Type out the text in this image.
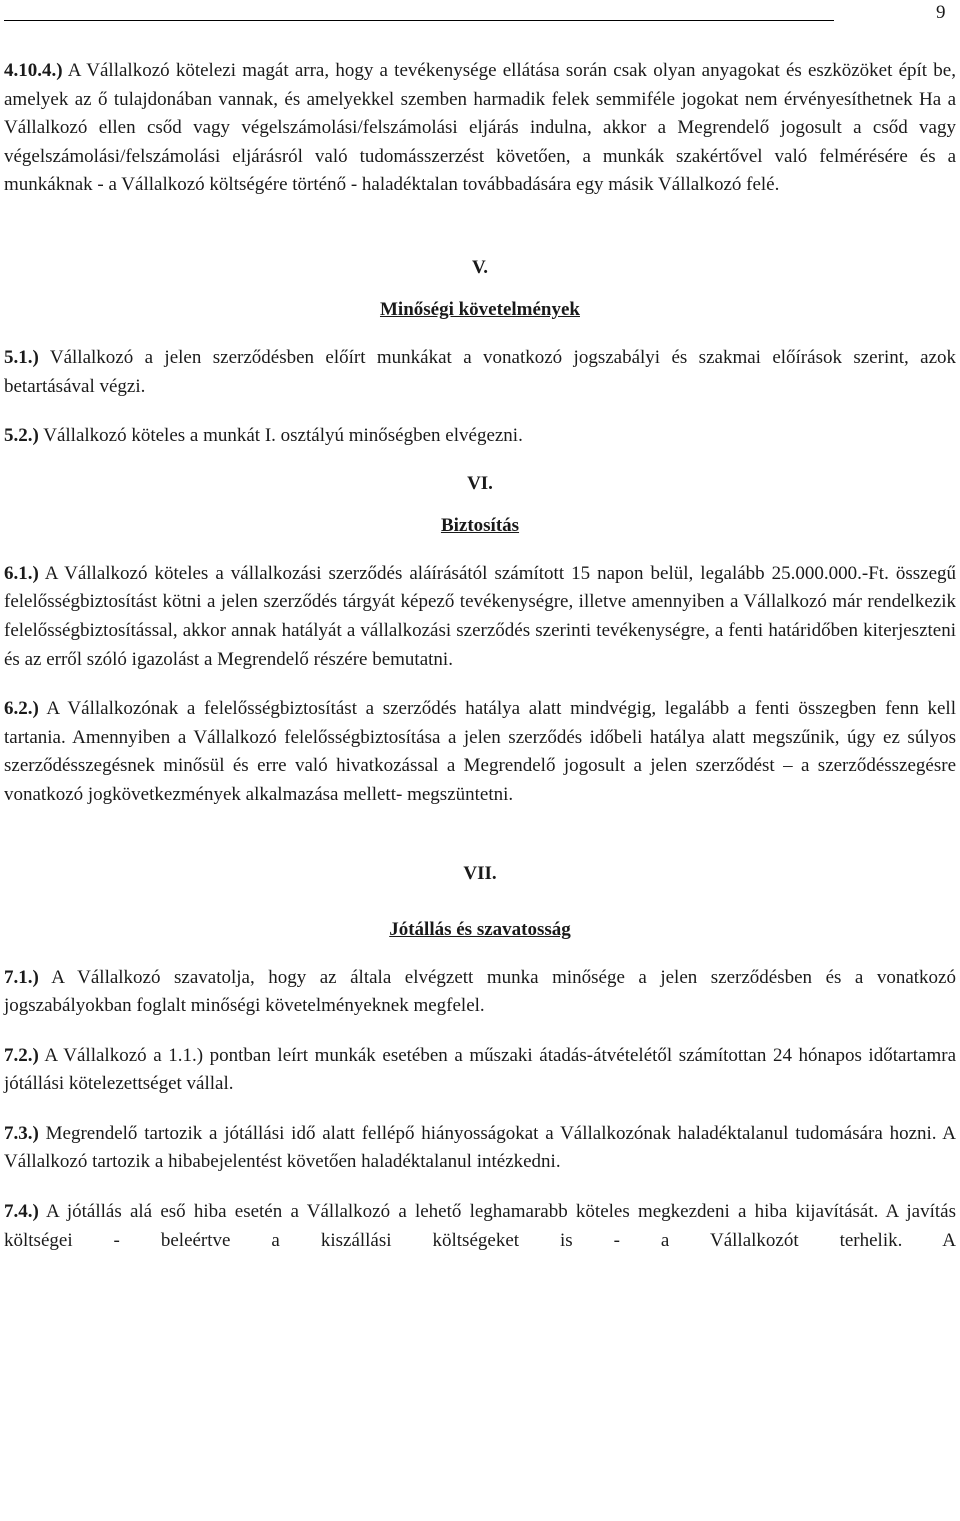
9

4.10.4.) A Vállalkozó kötelezi magát arra, hogy a tevékenysége ellátása során csak olyan anyagokat és eszközöket épít be, amelyek az ő tulajdonában vannak, és amelyekkel szemben harmadik felek semmiféle jogokat nem érvényesíthetnek Ha a Vállalkozó ellen csőd vagy végelszámolási/felszámolási eljárás indulna, akkor a Megrendelő jogosult a csőd vagy végelszámolási/felszámolási eljárásról való tudomásszerzést követően, a munkák szakértővel való felmérésére és a munkáknak - a Vállalkozó költségére történő - haladéktalan továbbadására egy másik Vállalkozó felé.

V.

Minőségi követelmények

5.1.) Vállalkozó a jelen szerződésben előírt munkákat a vonatkozó jogszabályi és szakmai előírások szerint, azok betartásával végzi.

5.2.) Vállalkozó köteles a munkát I. osztályú minőségben elvégezni.

VI.

Biztosítás

6.1.) A Vállalkozó köteles a vállalkozási szerződés aláírásától számított 15 napon belül, legalább 25.000.000.-Ft. összegű felelősségbiztosítást kötni a jelen szerződés tárgyát képező tevékenységre, illetve amennyiben a Vállalkozó már rendelkezik felelősségbiztosítással, akkor annak hatályát a vállalkozási szerződés szerinti tevékenységre, a fenti határidőben kiterjeszteni és az erről szóló igazolást a Megrendelő részére bemutatni.

6.2.) A Vállalkozónak a felelősségbiztosítást a szerződés hatálya alatt mindvégig, legalább a fenti összegben fenn kell tartania. Amennyiben a Vállalkozó felelősségbiztosítása a jelen szerződés időbeli hatálya alatt megszűnik, úgy ez súlyos szerződésszegésnek minősül és erre való hivatkozással a Megrendelő jogosult a jelen szerződést – a szerződésszegésre vonatkozó jogkövetkezmények alkalmazása mellett- megszüntetni.

VII.

Jótállás és szavatosság

7.1.) A Vállalkozó szavatolja, hogy az általa elvégzett munka minősége a jelen szerződésben és a vonatkozó jogszabályokban foglalt minőségi követelményeknek megfelel.

7.2.) A Vállalkozó a 1.1.) pontban leírt munkák esetében a műszaki átadás-átvételétől számítottan 24 hónapos időtartamra jótállási kötelezettséget vállal.

7.3.) Megrendelő tartozik a jótállási idő alatt fellépő hiányosságokat a Vállalkozónak haladéktalanul tudomására hozni. A Vállalkozó tartozik a hibabejelentést követően haladéktalanul intézkedni.

7.4.) A jótállás alá eső hiba esetén a Vállalkozó a lehető leghamarabb köteles megkezdeni a hiba kijavítását. A javítás költségei - beleértve a kiszállási költségeket is - a Vállalkozót terhelik. A
